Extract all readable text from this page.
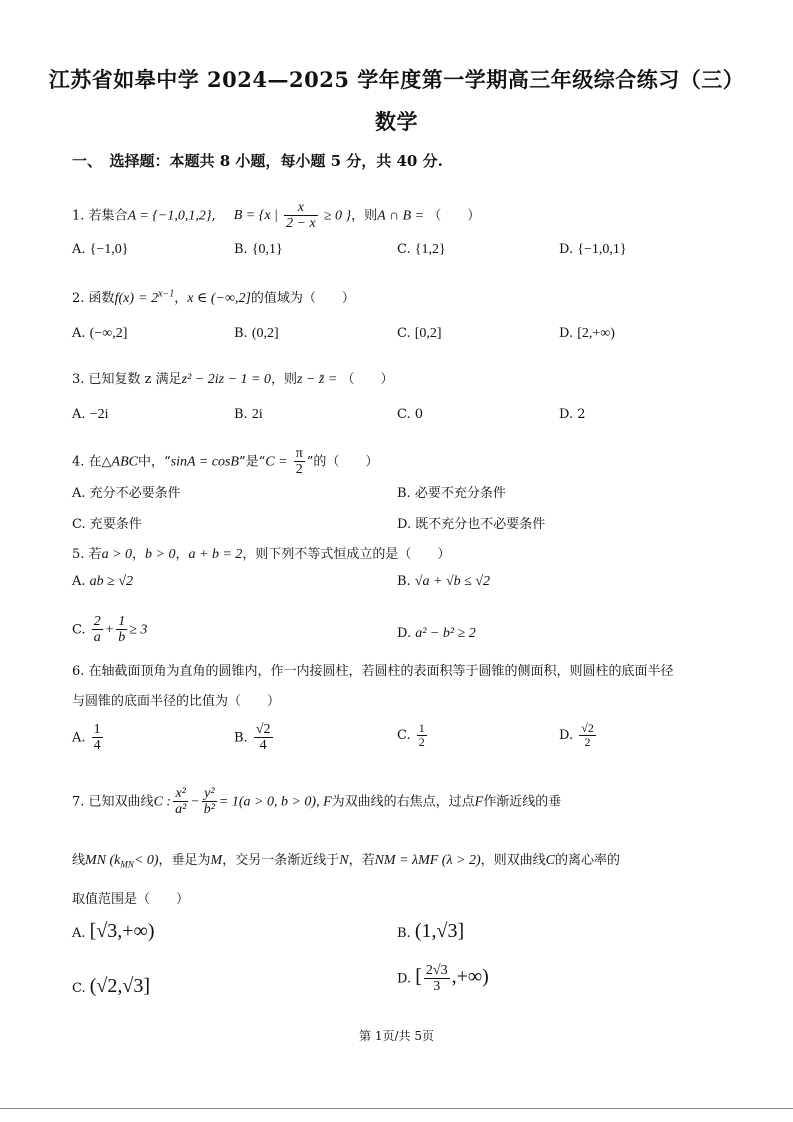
江苏省如皋中学 2024—2025 学年度第一学期高三年级综合练习（三）
数学
一、　选择题：本题共 8 小题，每小题 5 分，共 40 分.
1. 若集合A = {−1,0,1,2}, B = {x | $\frac{x}{2 - x} \ge 0$ }，则A ∩ B = （　　）
A. {−1,0}	B. {0,1}	C. {1,2}	D. {−1,0,1}
2. 函数$f(x) = 2^{x-1}$，x ∈ (−∞,2]的值域为（　　）
A. (−∞,2]	B. (0,2]	C. [0,2]	D. [2,+∞)
3. 已知复数 z 满足z² − 2iz − 1 = 0，则z − z̄ = （　　）
A. −2i	B. 2i	C. 0	D. 2
4. 在△ABC中，“sinA = cosB”是“$C = \frac{\pi}{2}$ ”的（　　）
A. 充分不必要条件	B. 必要不充分条件
C. 充要条件	D. 既不充分也不必要条件
5. 若a > 0，b > 0，a + b = 2，则下列不等式恒成立的是（　　）
A. ab ≥ √2	B. √a + √b ≤ √2
C. $\frac{2}{a} + \frac{1}{b} \ge 3$	D. a² − b² ≥ 2
6. 在轴截面顶角为直角的圆锥内，作一内接圆柱，若圆柱的表面积等于圆锥的侧面积，则圆柱的底面半径
与圆锥的底面半径的比值为（　　）
A. $\frac{1}{4}$	B. $\frac{√2}{4}$	C. $\frac{1}{2}$	D. $\frac{√2}{2}$
7. 已知双曲线C : $\frac{\text{x²}}{\text{a²}} - \frac{\text{y²}}{\text{b²}} = 1(a > 0$, b > 0), F为双曲线的右焦点，过点F作渐近线的垂
线MN $(k_{MN}< 0)$，垂足为M，交另一条渐近线于N，若NM = λMF (λ > 2)，则双曲线C的离心率的
取值范围是（　　）
A. [√3,+∞)	B. (1,√3]
C. (√2,√3]	D. [ $\frac{2√3}{3}$ ,+∞)
第 1页/共 5页
